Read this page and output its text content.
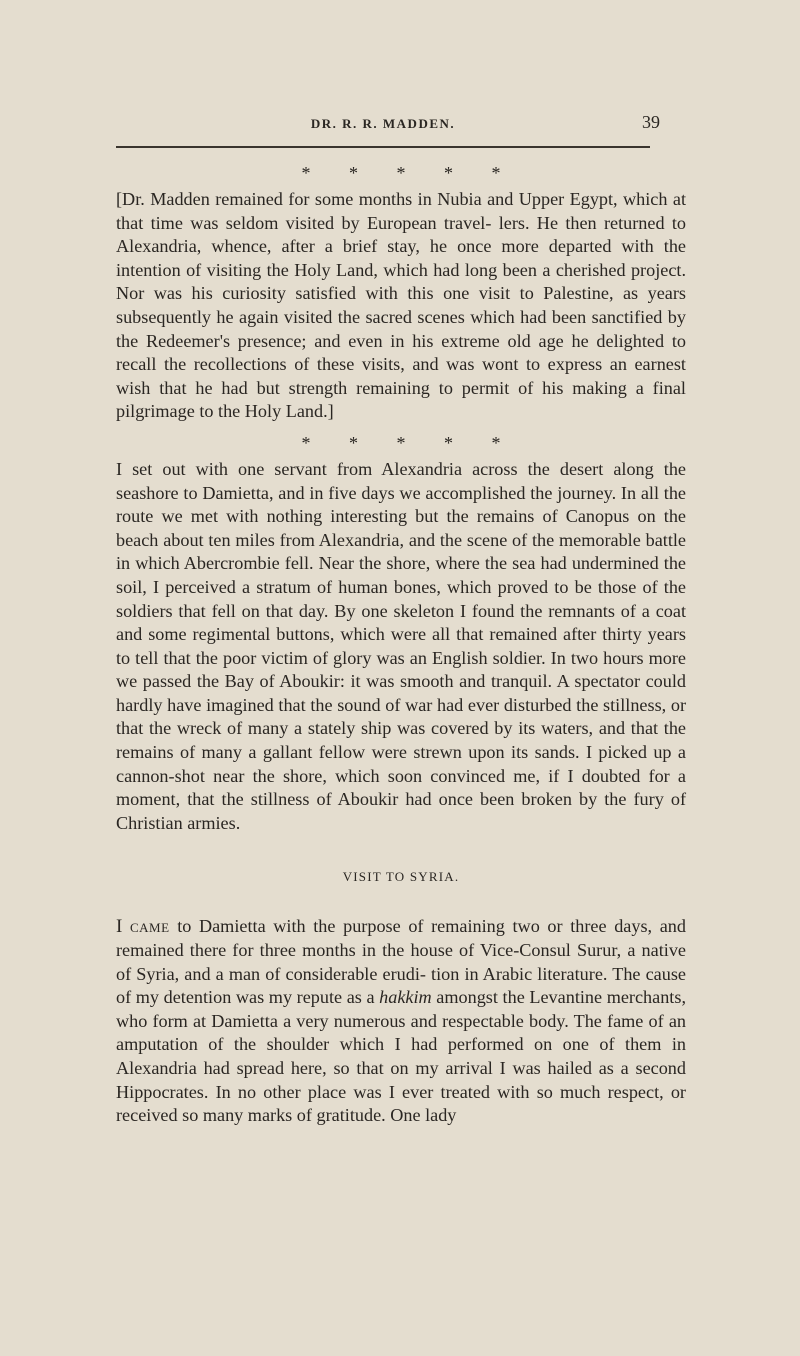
DR. R. R. MADDEN.	39
* * * * *

[Dr. Madden remained for some months in Nubia and Upper Egypt, which at that time was seldom visited by European travel- lers. He then returned to Alexandria, whence, after a brief stay, he once more departed with the intention of visiting the Holy Land, which had long been a cherished project. Nor was his curiosity satisfied with this one visit to Palestine, as years subsequently he again visited the sacred scenes which had been sanctified by the Redeemer's presence; and even in his extreme old age he delighted to recall the recollections of these visits, and was wont to express an earnest wish that he had but strength remaining to permit of his making a final pilgrimage to the Holy Land.]

* * * * *

I set out with one servant from Alexandria across the desert along the seashore to Damietta, and in five days we accomplished the journey. In all the route we met with nothing interesting but the remains of Canopus on the beach about ten miles from Alexandria, and the scene of the memorable battle in which Abercrombie fell. Near the shore, where the sea had undermined the soil, I perceived a stratum of human bones, which proved to be those of the soldiers that fell on that day. By one skeleton I found the remnants of a coat and some regimental buttons, which were all that remained after thirty years to tell that the poor victim of glory was an English soldier. In two hours more we passed the Bay of Aboukir: it was smooth and tranquil. A spectator could hardly have imagined that the sound of war had ever disturbed the stillness, or that the wreck of many a stately ship was covered by its waters, and that the remains of many a gallant fellow were strewn upon its sands. I picked up a cannon-shot near the shore, which soon convinced me, if I doubted for a moment, that the stillness of Aboukir had once been broken by the fury of Christian armies.

VISIT TO SYRIA.

I came to Damietta with the purpose of remaining two or three days, and remained there for three months in the house of Vice-Consul Surur, a native of Syria, and a man of considerable erudi- tion in Arabic literature. The cause of my detention was my repute as a hakkim amongst the Levantine merchants, who form at Damietta a very numerous and respectable body. The fame of an amputation of the shoulder which I had performed on one of them in Alexandria had spread here, so that on my arrival I was hailed as a second Hippocrates. In no other place was I ever treated with so much respect, or received so many marks of gratitude. One lady
